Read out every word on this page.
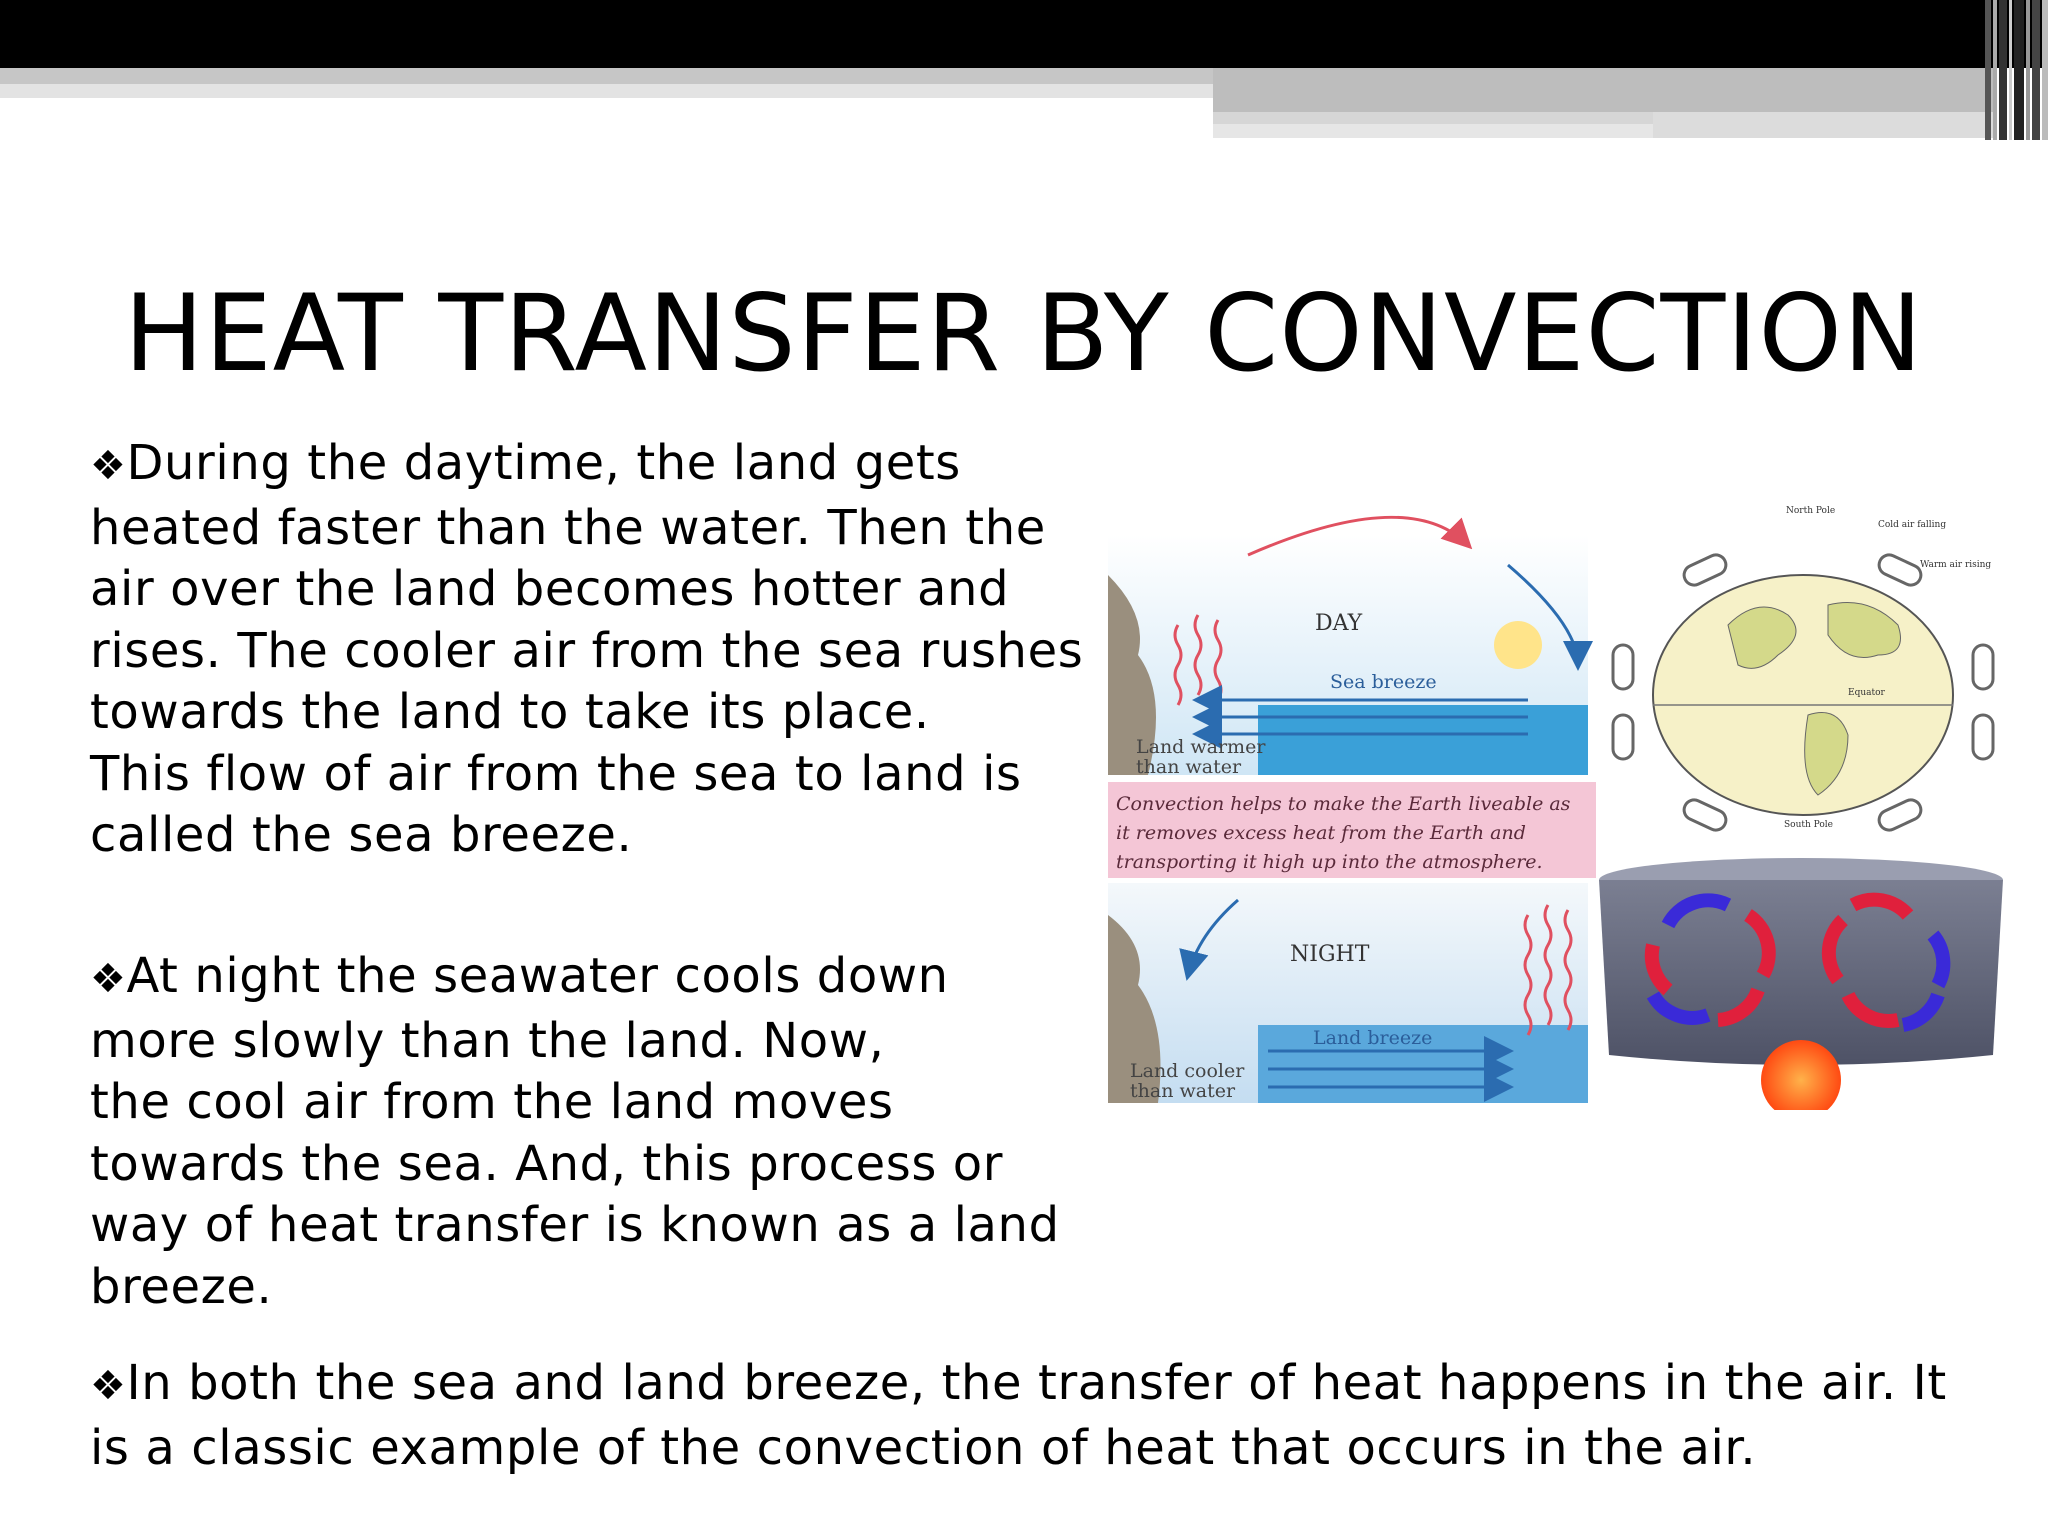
HEAT TRANSFER BY CONVECTION
❖During the daytime, the land gets
heated faster than the water. Then the
air over the land becomes hotter and
rises. The cooler air from the sea rushes
towards the land to take its place.
This flow of air from the sea to land is
called the sea breeze.
❖At night the seawater cools down
more slowly than the land. Now,
the cool air from the land moves
towards the sea. And, this process or
way of heat transfer is known as a land
breeze.
❖In both the sea and land breeze, the transfer of heat happens in the air. It
is a classic example of the convection of heat that occurs in the air.
DAY
Sea breeze
Land warmer
than water
Convection helps to make the Earth liveable as
it removes excess heat from the Earth and
transporting it high up into the atmosphere.
NIGHT
Land breeze
Land cooler
than water
North Pole
Cold air falling
Warm air rising
Equator
South Pole
